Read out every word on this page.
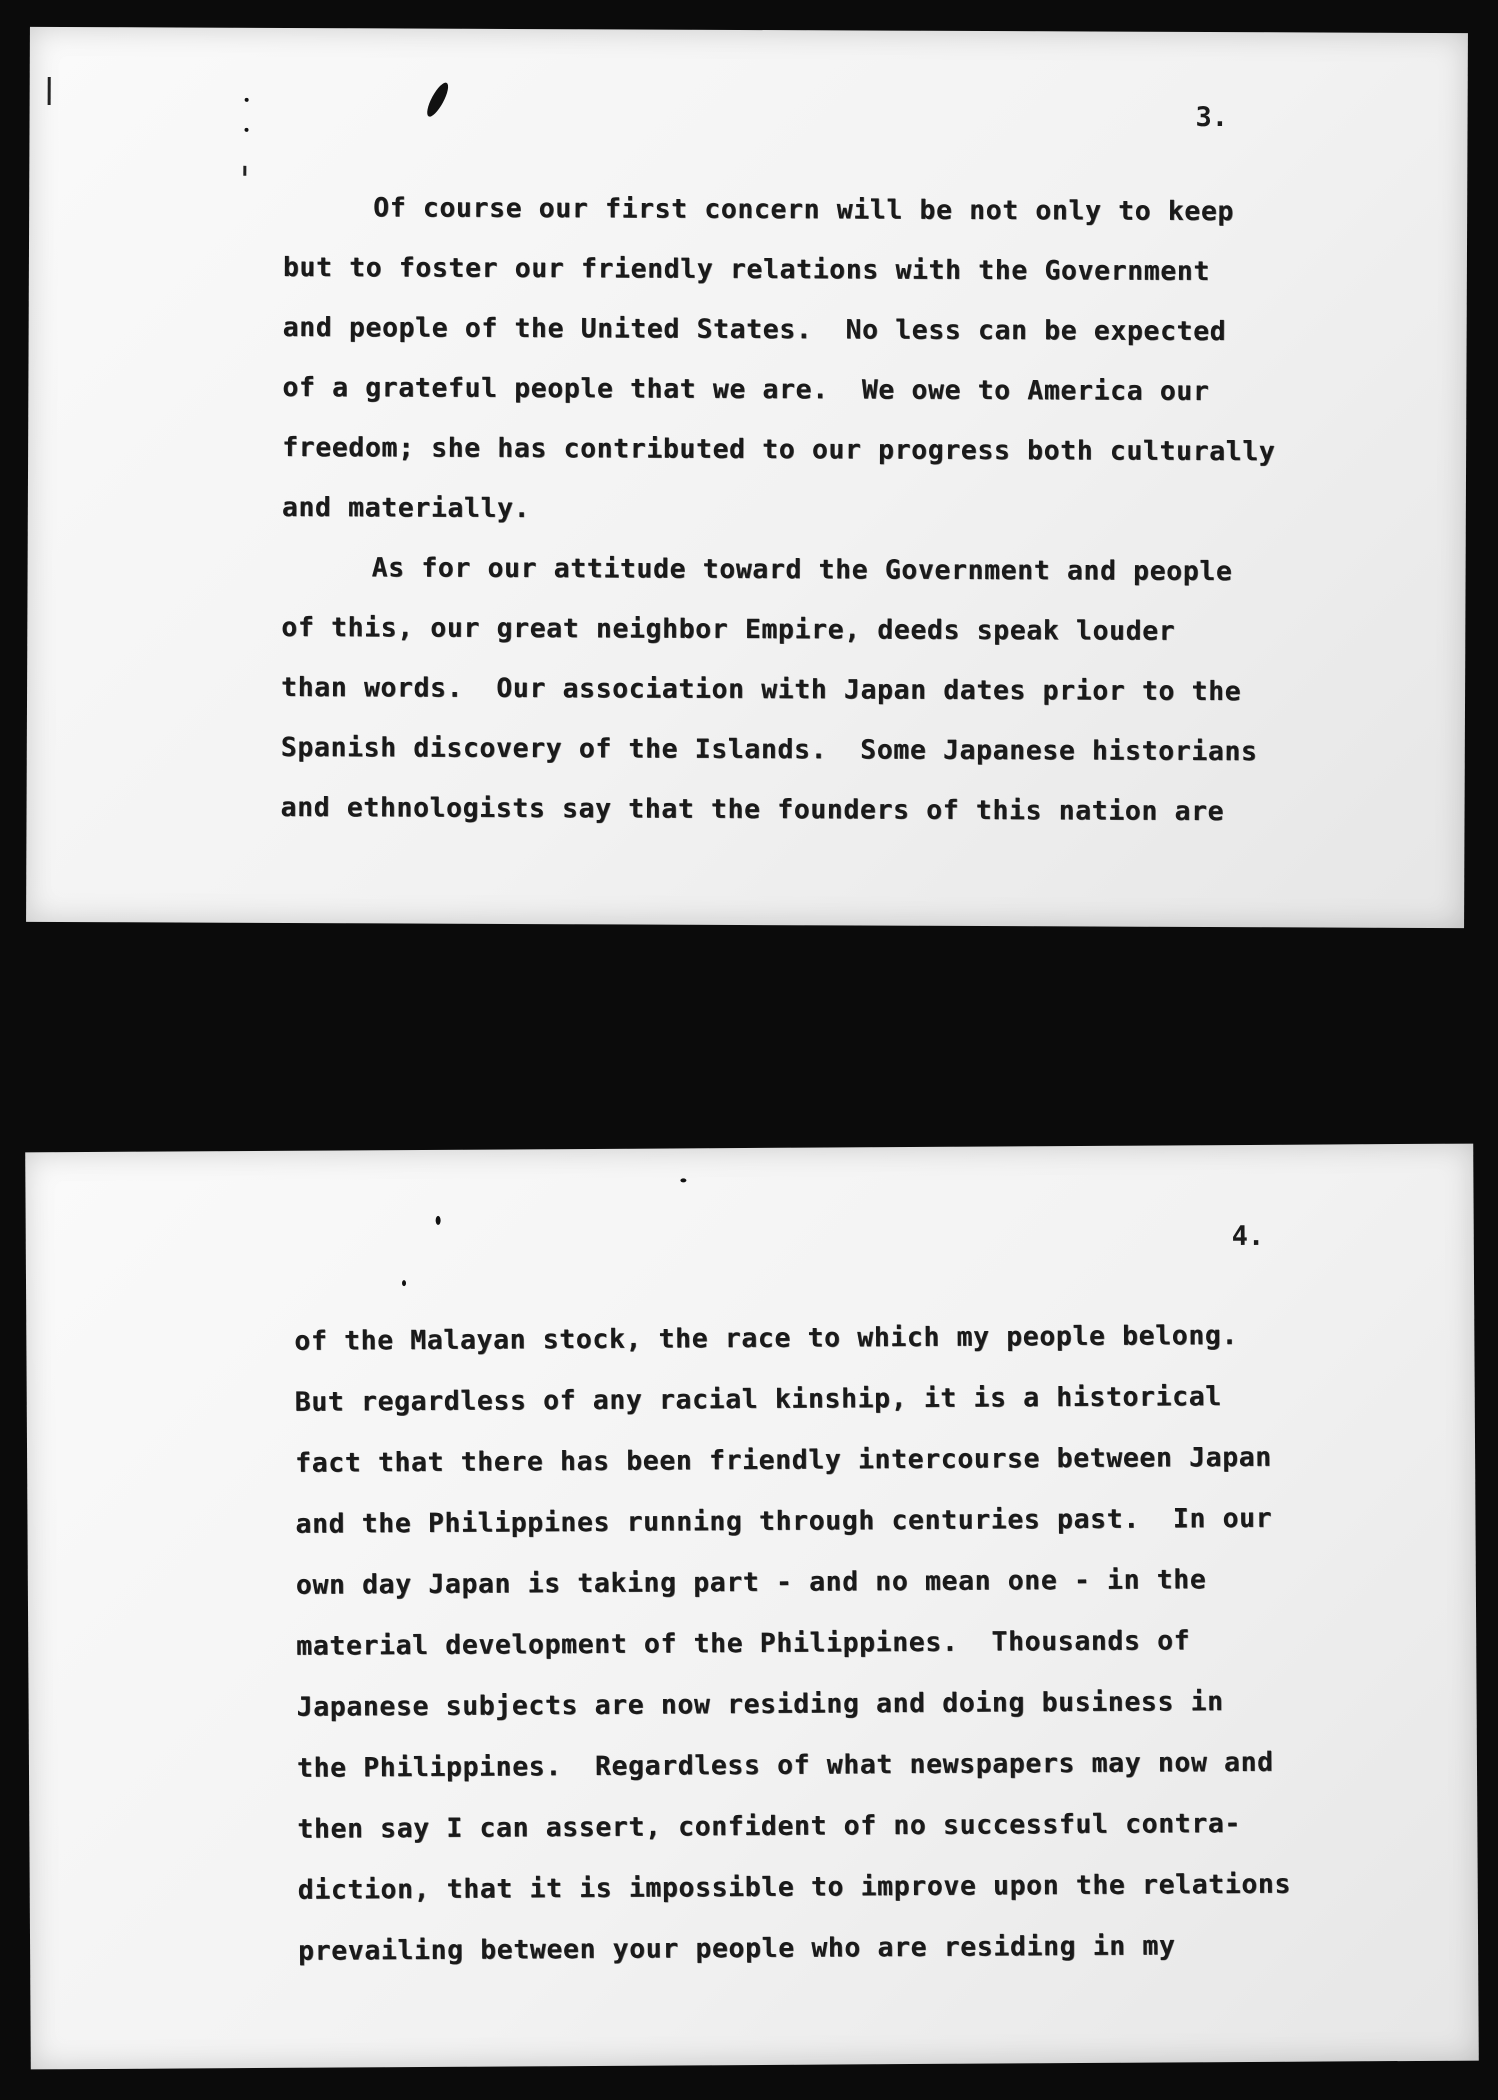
3.
Of course our first concern will be not only to keep
but to foster our friendly relations with the Government
and people of the United States.  No less can be expected
of a grateful people that we are.  We owe to America our
freedom; she has contributed to our progress both culturally
and materially.
As for our attitude toward the Government and people
of this, our great neighbor Empire, deeds speak louder
than words.  Our association with Japan dates prior to the
Spanish discovery of the Islands.  Some Japanese historians
and ethnologists say that the founders of this nation are
4.
of the Malayan stock, the race to which my people belong.
But regardless of any racial kinship, it is a historical
fact that there has been friendly intercourse between Japan
and the Philippines running through centuries past.  In our
own day Japan is taking part - and no mean one - in the
material development of the Philippines.  Thousands of
Japanese subjects are now residing and doing business in
the Philippines.  Regardless of what newspapers may now and
then say I can assert, confident of no successful contra-
diction, that it is impossible to improve upon the relations
prevailing between your people who are residing in my
